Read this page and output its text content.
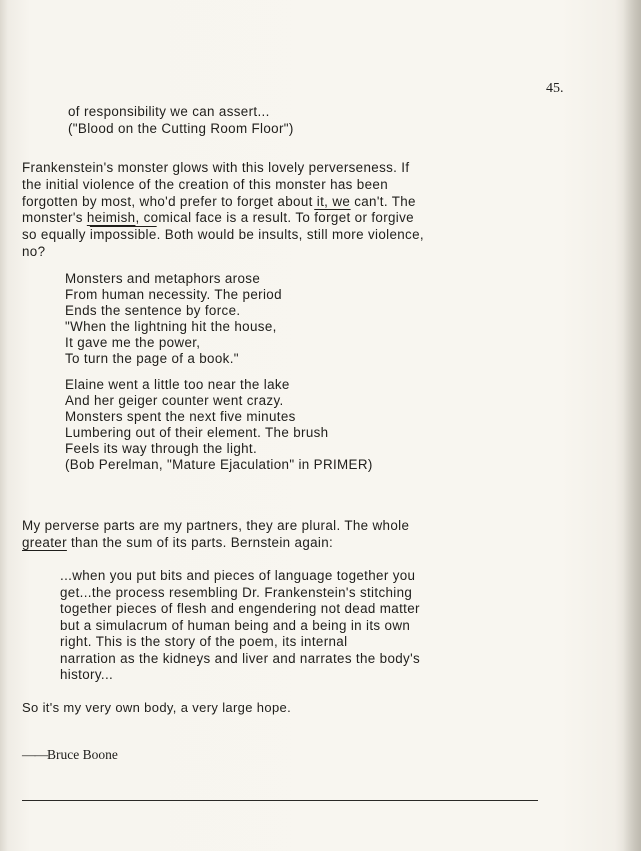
45.
of responsibility we can assert...
("Blood on the Cutting Room Floor")
Frankenstein's monster glows with this lovely perverseness. If
the initial violence of the creation of this monster has been
forgotten by most, who'd prefer to forget about it, we can't. The
monster's heimish, comical face is a result. To forget or forgive
so equally impossible. Both would be insults, still more violence,
no?
Monsters and metaphors arose
From human necessity. The period
Ends the sentence by force.
"When the lightning hit the house,
It gave me the power,
To turn the page of a book."
Elaine went a little too near the lake
And her geiger counter went crazy.
Monsters spent the next five minutes
Lumbering out of their element. The brush
Feels its way through the light.
(Bob Perelman, "Mature Ejaculation" in PRIMER)
My perverse parts are my partners, they are plural. The whole
greater than the sum of its parts. Bernstein again:
...when you put bits and pieces of language together you
get...the process resembling Dr. Frankenstein's stitching
together pieces of flesh and engendering not dead matter
but a simulacrum of human being and a being in its own
right. This is the story of the poem, its internal
narration as the kidneys and liver and narrates the body's
history...
So it's my very own body, a very large hope.
——Bruce Boone
